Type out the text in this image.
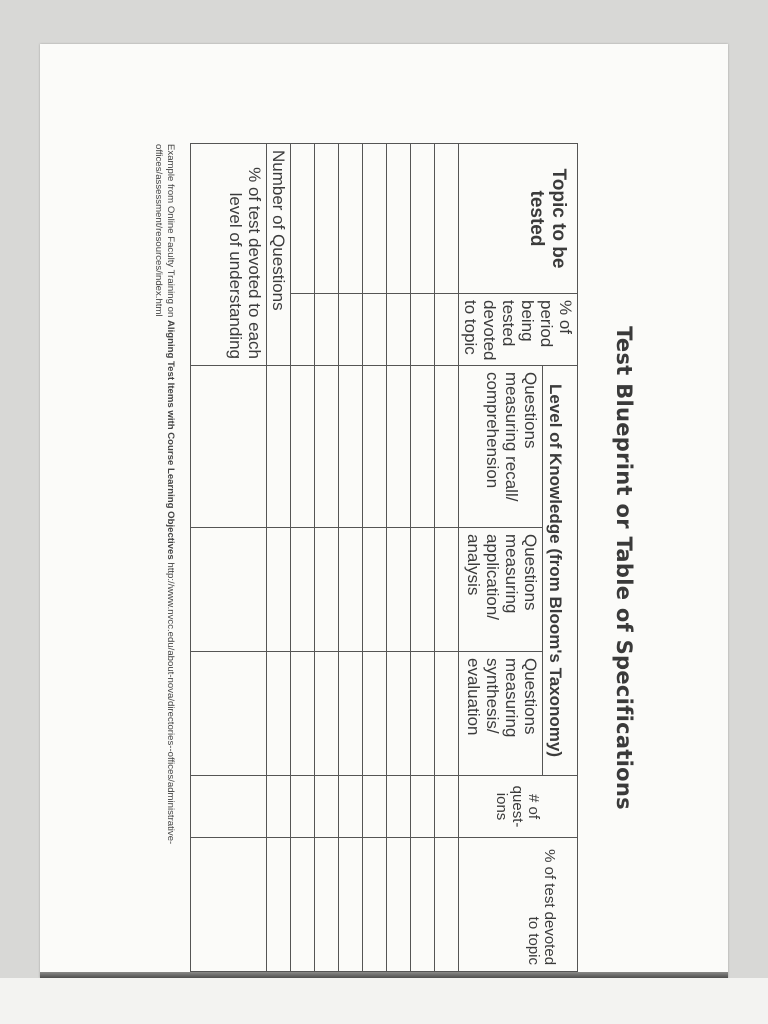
Test Blueprint or Table of Specifications
Topic to be tested	% of period being tested devoted to topic	Level of Knowledge (from Bloom's Taxonomy)			# of quest- ions	% of test devoted to topic
		Questions measuring recall/ comprehension	Questions measuring application/ analysis	Questions measuring synthesis/ evaluation		

Number of Questions						
% of test devoted to each level of understanding						
Example from Online Faculty Training on Aligning Test Items with Course Learning Objectives http://www.nvcc.edu/about-nova/directories--offices/administrative-offices/assessment/resources/index.html
